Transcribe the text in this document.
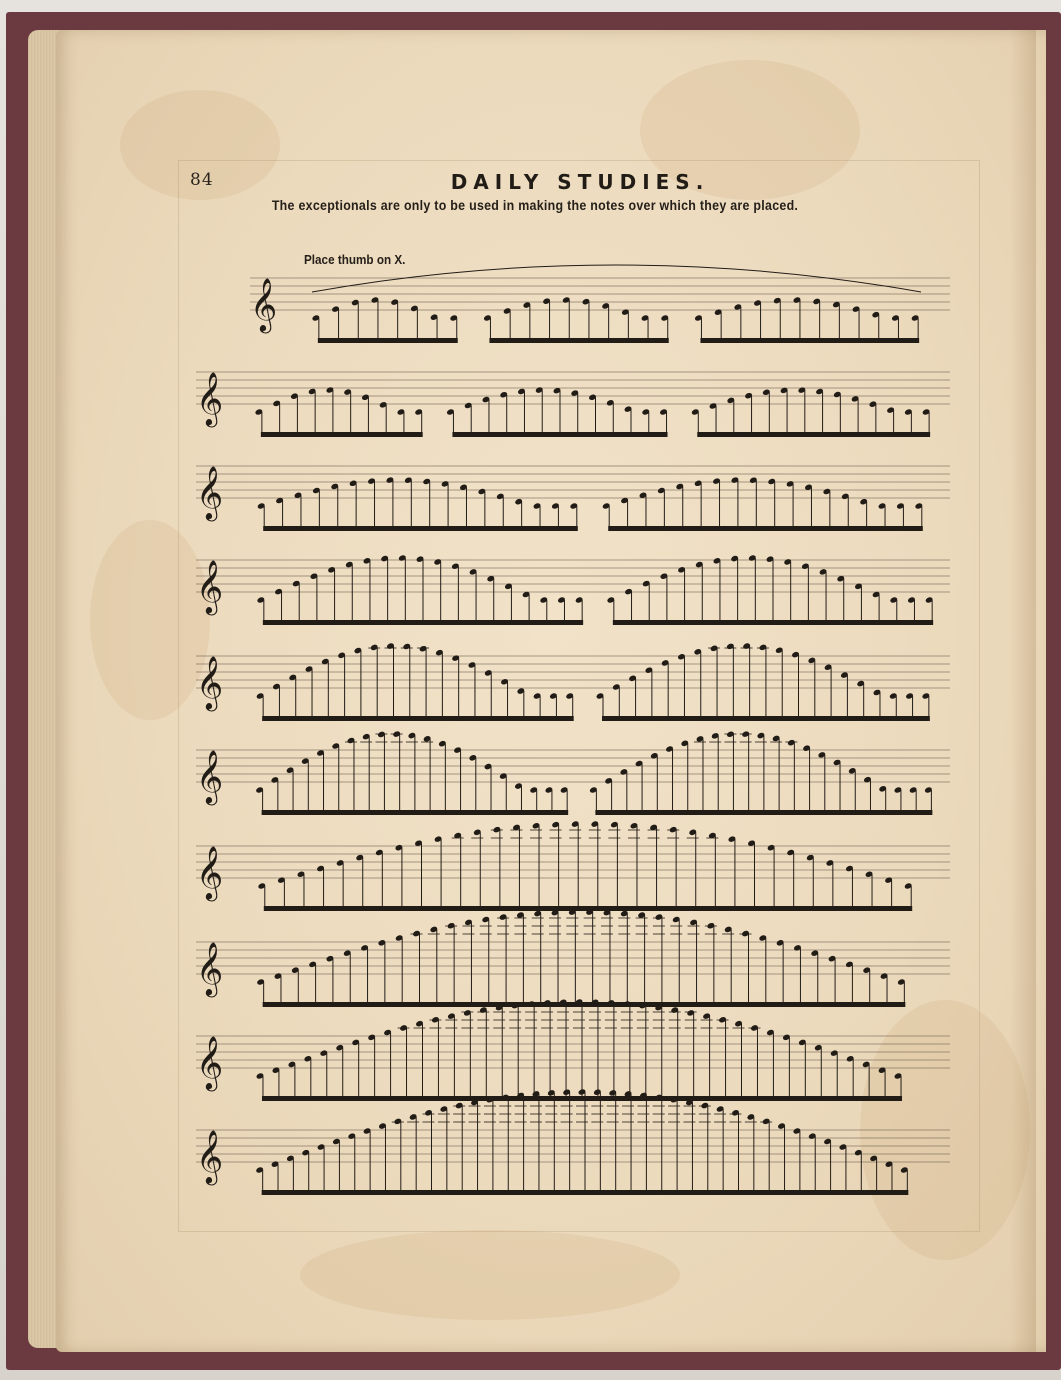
84	DAILY STUDIES.
The exceptionals are only to be used in making the notes over which they are placed.
Place thumb on X.
𝄞
𝄞
𝄞
𝄞
𝄞
𝄞
𝄞
𝄞
𝄞
𝄞
